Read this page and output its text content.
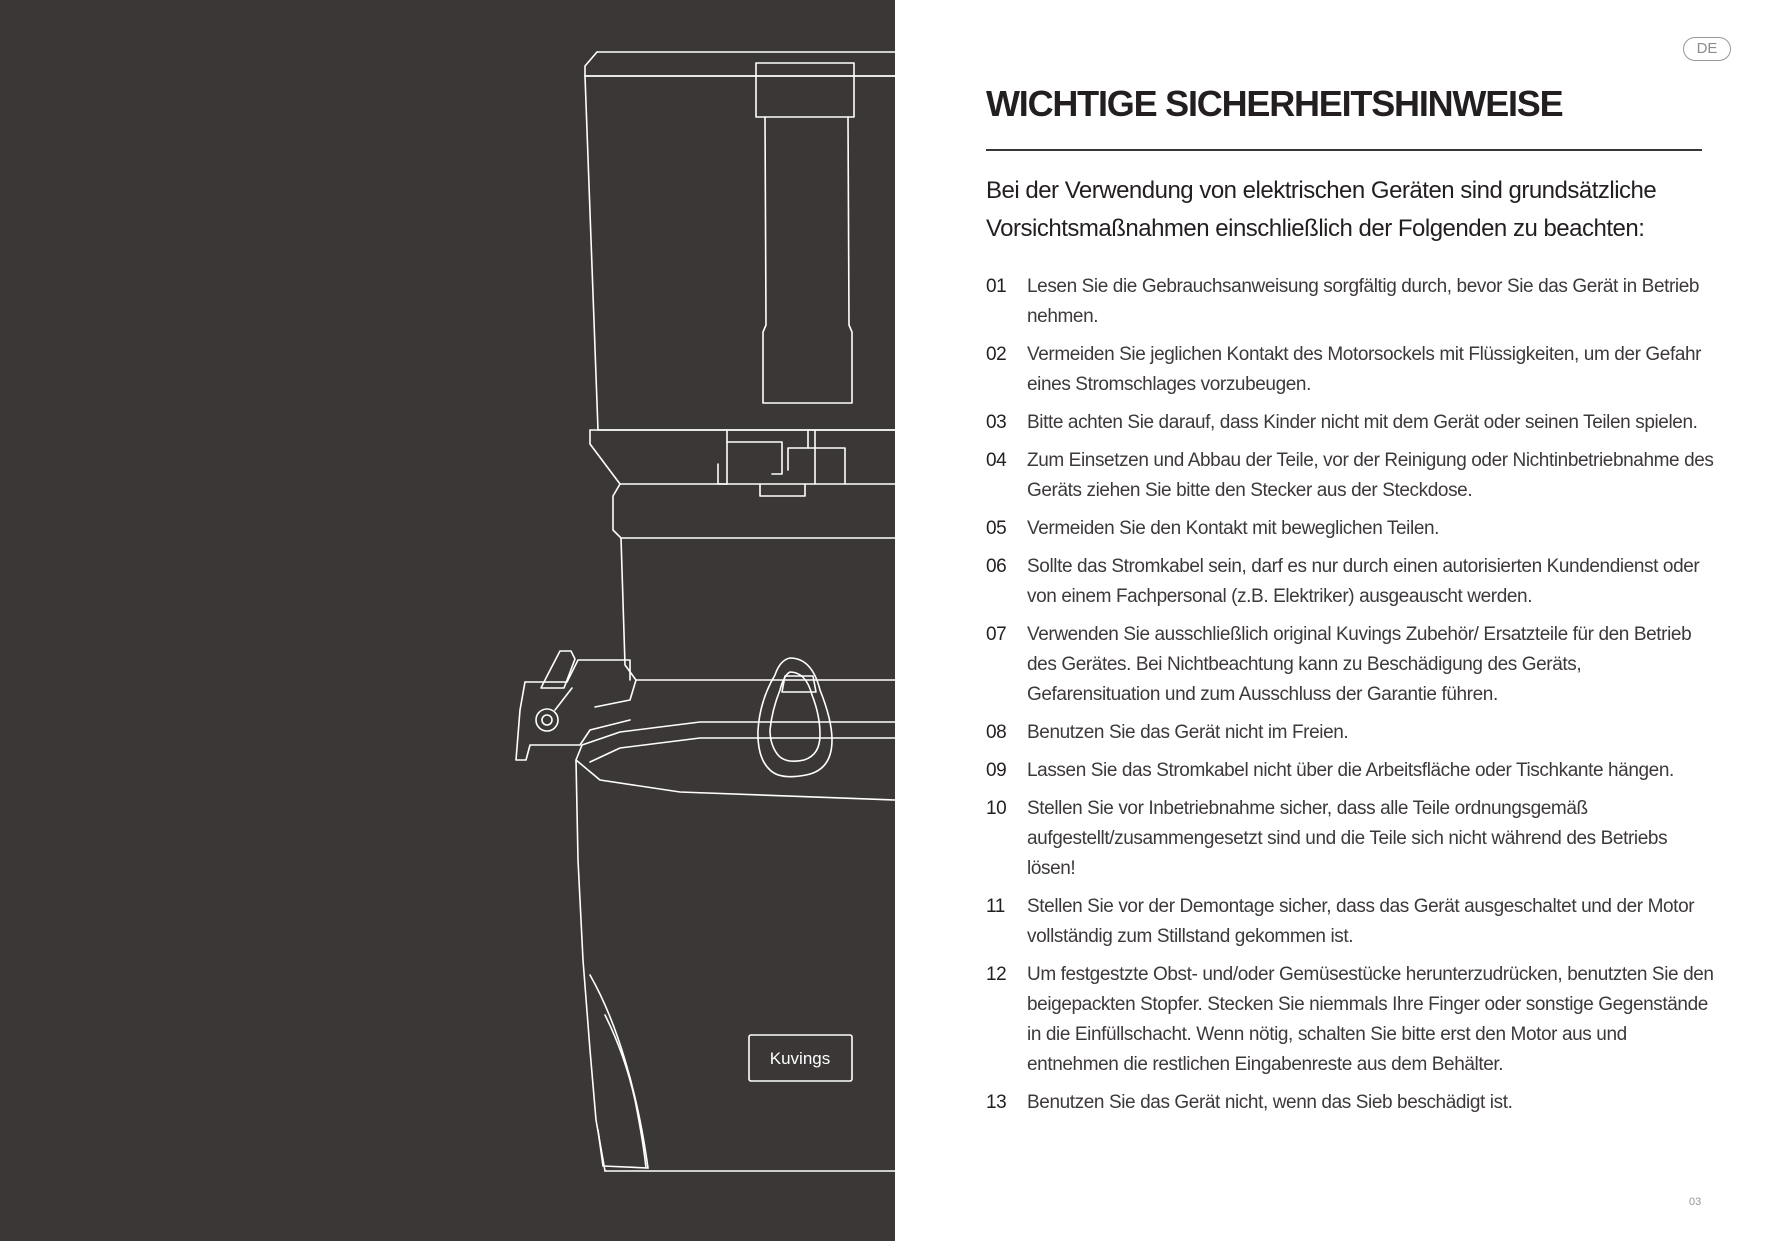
Kuvings
DE
WICHTIGE SICHERHEITSHINWEISE
Bei der Verwendung von elektrischen Geräten sind grundsätzliche Vorsichtsmaßnahmen einschließlich der Folgenden zu beachten:
01	Lesen Sie die Gebrauchsanweisung sorgfältig durch, bevor Sie das Gerät in Betrieb nehmen.
02	Vermeiden Sie jeglichen Kontakt des Motorsockels mit Flüssigkeiten, um der Gefahr eines Stromschlages vorzubeugen.
03	Bitte achten Sie darauf, dass Kinder nicht mit dem Gerät oder seinen Teilen spielen.
04	Zum Einsetzen und Abbau der Teile, vor der Reinigung oder Nichtinbetriebnahme des Geräts ziehen Sie bitte den Stecker aus der Steckdose.
05	Vermeiden Sie den Kontakt mit beweglichen Teilen.
06	Sollte das Stromkabel sein, darf es nur durch einen autorisierten Kundendienst oder von einem Fachpersonal (z.B. Elektriker) ausgeauscht werden.
07	Verwenden Sie ausschließlich original Kuvings Zubehör/ Ersatzteile für den Betrieb des Gerätes. Bei Nichtbeachtung kann zu Beschädigung des Geräts, Gefarensituation und zum Ausschluss der Garantie führen.
08	Benutzen Sie das Gerät nicht im Freien.
09	Lassen Sie das Stromkabel nicht über die Arbeitsfläche oder Tischkante hängen.
10	Stellen Sie vor Inbetriebnahme sicher, dass alle Teile ordnungsgemäß aufgestellt/zusammengesetzt sind und die Teile sich nicht während des Betriebs lösen!
11	Stellen Sie vor der Demontage sicher, dass das Gerät ausgeschaltet und der Motor vollständig zum Stillstand gekommen ist.
12	Um festgestzte Obst- und/oder Gemüsestücke herunterzudrücken, benutzten Sie den beigepackten Stopfer. Stecken Sie niemmals Ihre Finger oder sonstige Gegenstände in die Einfüllschacht. Wenn nötig, schalten Sie bitte erst den Motor aus und entnehmen die restlichen Eingabenreste aus dem Behälter.
13	Benutzen Sie das Gerät nicht, wenn das Sieb beschädigt ist.
03
